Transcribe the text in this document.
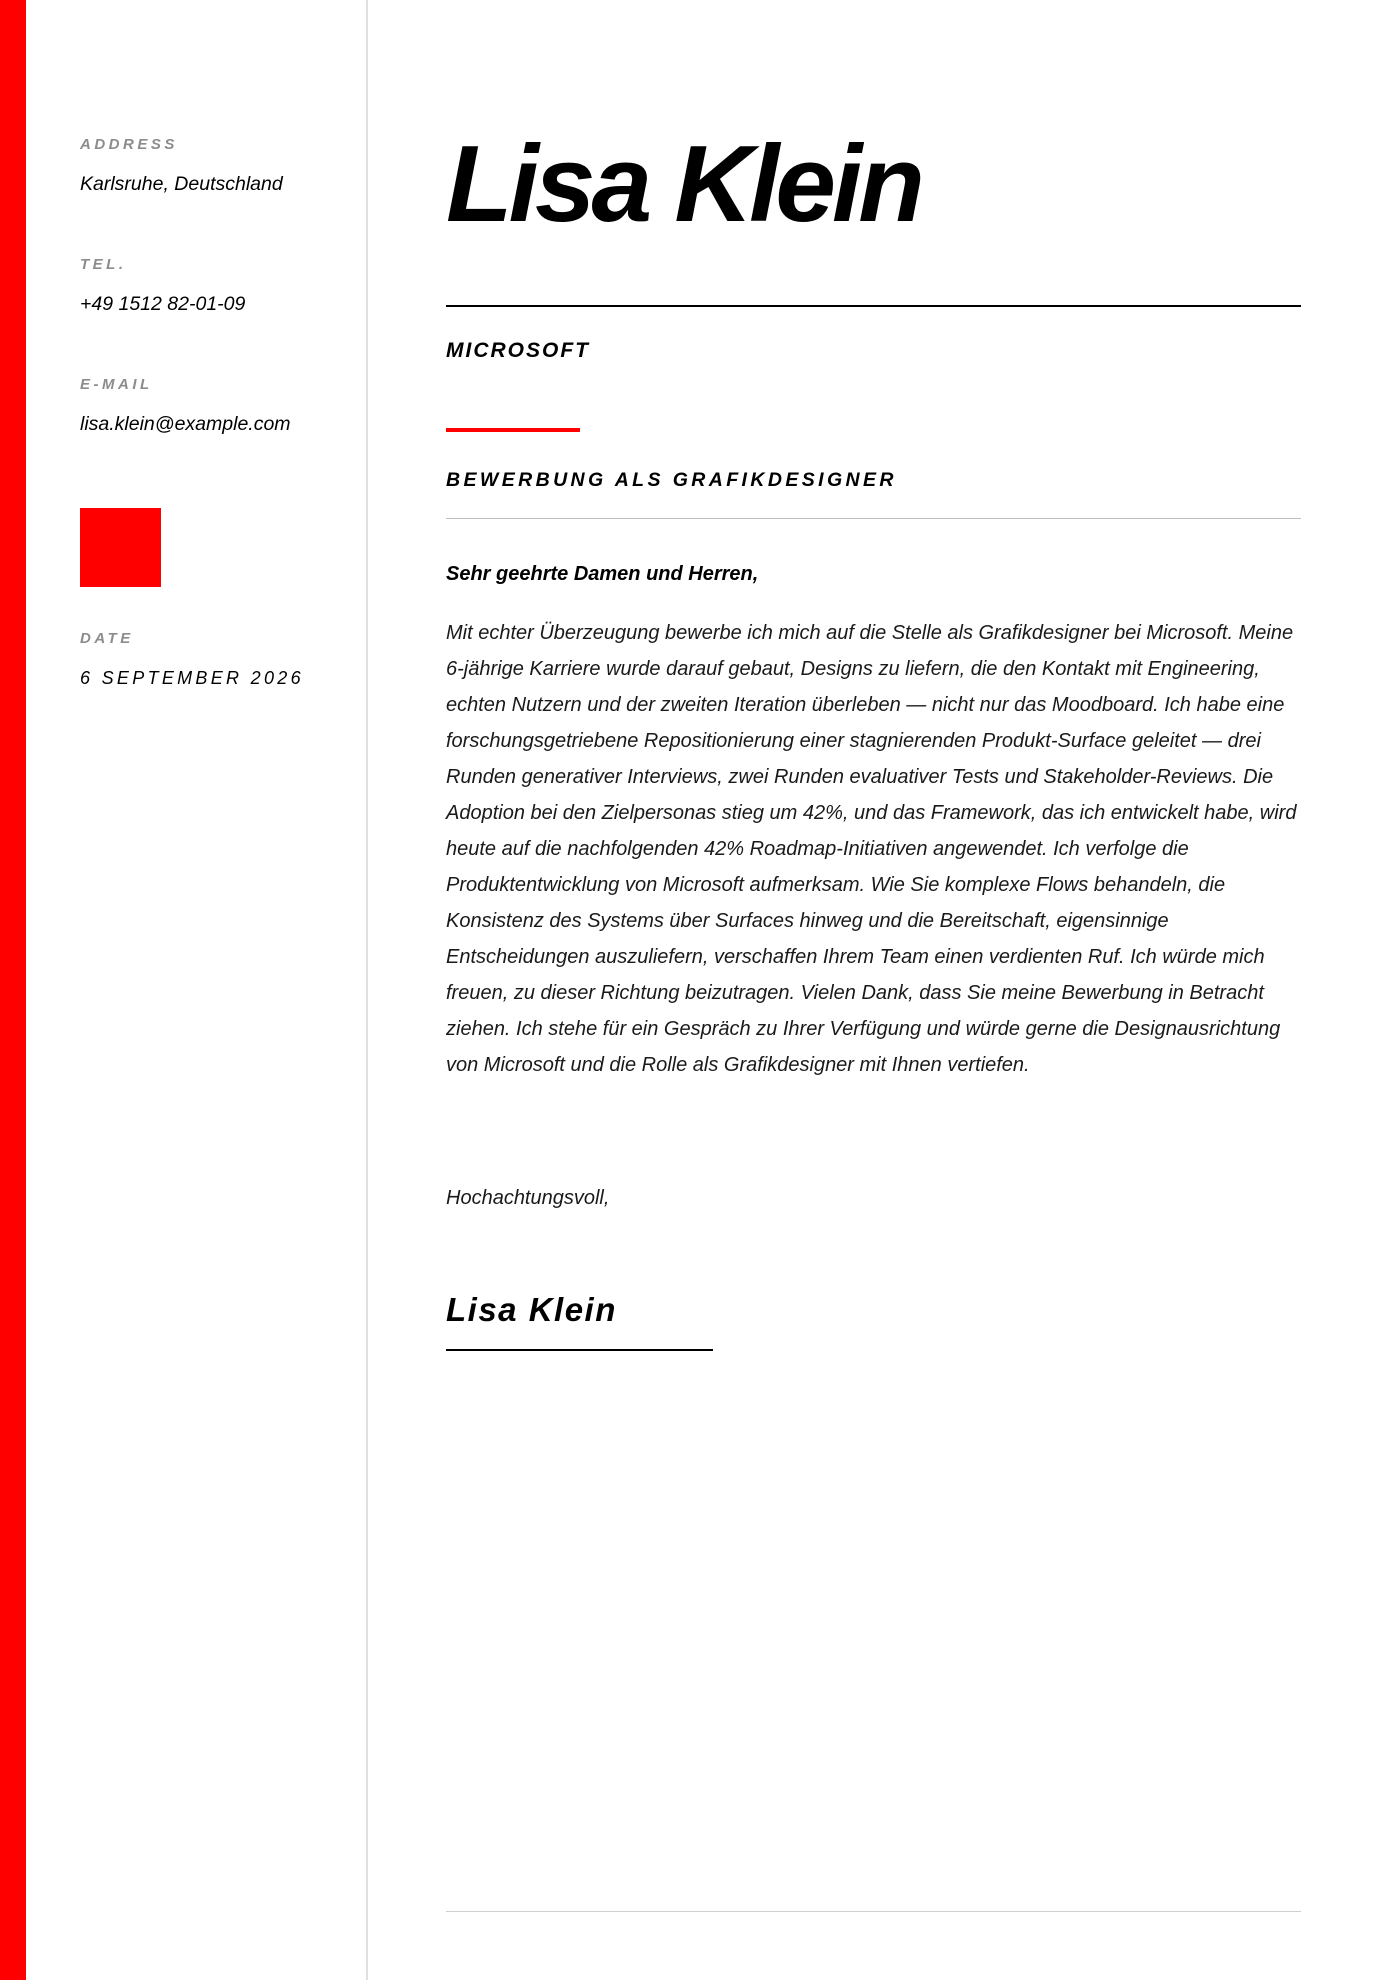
ADDRESS
Karlsruhe, Deutschland
TEL.
+49 1512 82-01-09
E-MAIL
lisa.klein@example.com
DATE
6 SEPTEMBER 2026
Lisa Klein
MICROSOFT
BEWERBUNG ALS GRAFIKDESIGNER
Sehr geehrte Damen und Herren,

Mit echter Überzeugung bewerbe ich mich auf die Stelle als Grafikdesigner bei Microsoft. Meine 6-jährige Karriere wurde darauf gebaut, Designs zu liefern, die den Kontakt mit Engineering, echten Nutzern und der zweiten Iteration überleben — nicht nur das Moodboard. Ich habe eine forschungsgetriebene Repositionierung einer stagnierenden Produkt-Surface geleitet — drei Runden generativer Interviews, zwei Runden evaluativer Tests und Stakeholder-Reviews. Die Adoption bei den Zielpersonas stieg um 42%, und das Framework, das ich entwickelt habe, wird heute auf die nachfolgenden 42% Roadmap-Initiativen angewendet. Ich verfolge die Produktentwicklung von Microsoft aufmerksam. Wie Sie komplexe Flows behandeln, die Konsistenz des Systems über Surfaces hinweg und die Bereitschaft, eigensinnige Entscheidungen auszuliefern, verschaffen Ihrem Team einen verdienten Ruf. Ich würde mich freuen, zu dieser Richtung beizutragen. Vielen Dank, dass Sie meine Bewerbung in Betracht ziehen. Ich stehe für ein Gespräch zu Ihrer Verfügung und würde gerne die Designausrichtung von Microsoft und die Rolle als Grafikdesigner mit Ihnen vertiefen.

Hochachtungsvoll,
Lisa Klein
